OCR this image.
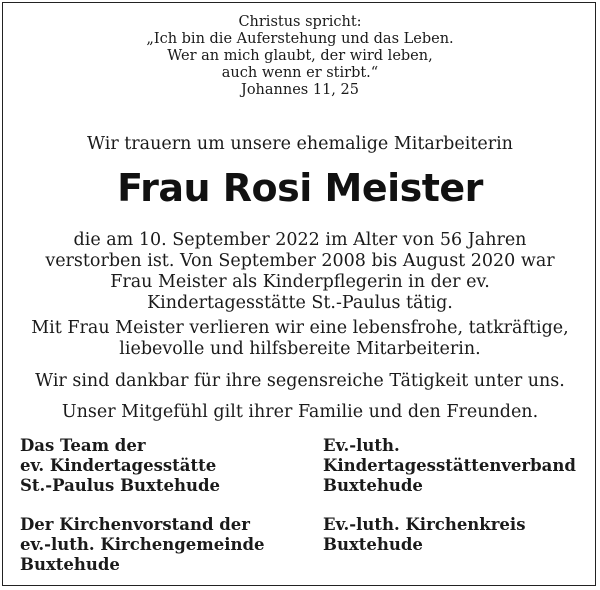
Christus spricht:
„Ich bin die Auferstehung und das Leben.
Wer an mich glaubt, der wird leben,
auch wenn er stirbt.“
Johannes 11, 25
Wir trauern um unsere ehemalige Mitarbeiterin
Frau Rosi Meister
die am 10. September 2022 im Alter von 56 Jahren
verstorben ist. Von September 2008 bis August 2020 war
Frau Meister als Kinderpflegerin in der ev.
Kindertagesstätte St.-Paulus tätig.
Mit Frau Meister verlieren wir eine lebensfrohe, tatkräftige,
liebevolle und hilfsbereite Mitarbeiterin.
Wir sind dankbar für ihre segensreiche Tätigkeit unter uns.
Unser Mitgefühl gilt ihrer Familie und den Freunden.
Das Team der
ev. Kindertagesstätte
St.-Paulus Buxtehude
Ev.-luth.
Kindertagesstättenverband
Buxtehude
Der Kirchenvorstand der
ev.-luth. Kirchengemeinde
Buxtehude
Ev.-luth. Kirchenkreis
Buxtehude
